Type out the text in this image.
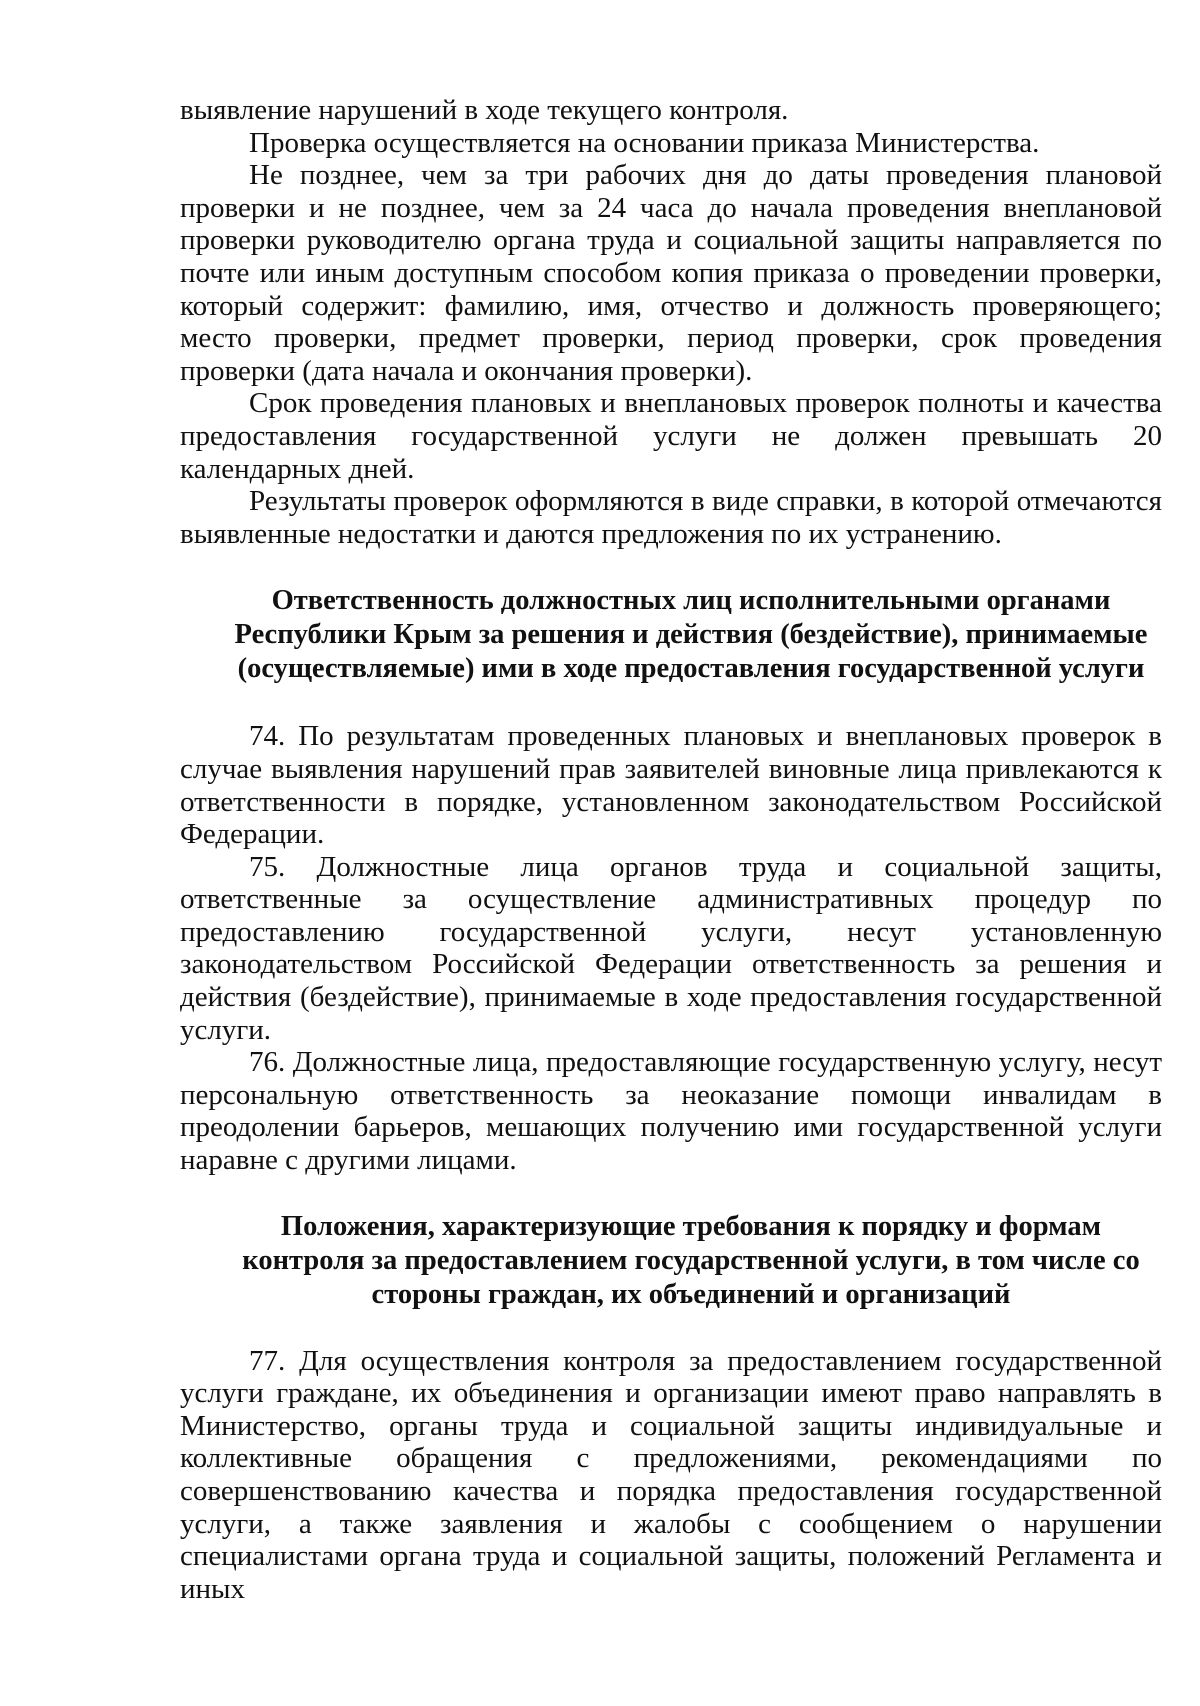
выявление нарушений в ходе текущего контроля.

Проверка осуществляется на основании приказа Министерства.

Не позднее, чем за три рабочих дня до даты проведения плановой проверки и не позднее, чем за 24 часа до начала проведения внеплановой проверки руководителю органа труда и социальной защиты направляется по почте или иным доступным способом копия приказа о проведении проверки, который содержит: фамилию, имя, отчество и должность проверяющего; место проверки, предмет проверки, период проверки, срок проведения проверки (дата начала и окончания проверки).

Срок проведения плановых и внеплановых проверок полноты и качества предоставления государственной услуги не должен превышать 20 календарных дней.

Результаты проверок оформляются в виде справки, в которой отмечаются выявленные недостатки и даются предложения по их устранению.

Ответственность должностных лиц исполнительными органами
Республики Крым за решения и действия (бездействие), принимаемые
(осуществляемые) ими в ходе предоставления государственной услуги

74. По результатам проведенных плановых и внеплановых проверок в случае выявления нарушений прав заявителей виновные лица привлекаются к ответственности в порядке, установленном законодательством Российской Федерации.

75. Должностные лица органов труда и социальной защиты, ответственные за осуществление административных процедур по предоставлению государственной услуги, несут установленную законодательством Российской Федерации ответственность за решения и действия (бездействие), принимаемые в ходе предоставления государственной услуги.

76. Должностные лица, предоставляющие государственную услугу, несут персональную ответственность за неоказание помощи инвалидам в преодолении барьеров, мешающих получению ими государственной услуги наравне с другими лицами.

Положения, характеризующие требования к порядку и формам
контроля за предоставлением государственной услуги, в том числе со
стороны граждан, их объединений и организаций

77. Для осуществления контроля за предоставлением государственной услуги граждане, их объединения и организации имеют право направлять в Министерство, органы труда и социальной защиты индивидуальные и коллективные обращения с предложениями, рекомендациями по совершенствованию качества и порядка предоставления государственной услуги, а также заявления и жалобы с сообщением о нарушении специалистами органа труда и социальной защиты, положений Регламента и иных
